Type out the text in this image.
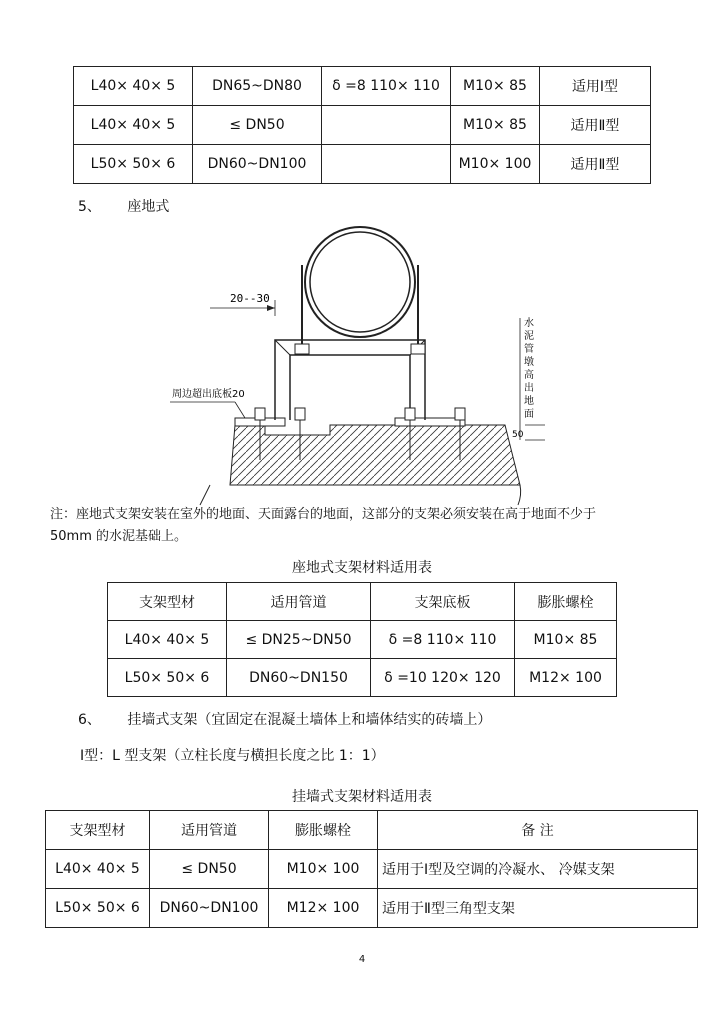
L40× 40× 5	DN65~DN80	δ =8 110× 110	M10× 85	适用Ⅰ型
L40× 40× 5	≤ DN50		M10× 85	适用Ⅱ型
L50× 50× 6	DN60~DN100		M10× 100	适用Ⅱ型
5、 座地式
20--30
周边超出底板20
水
泥
管
墩
高
出
地
面
50
注：座地式支架安装在室外的地面、天面露台的地面，这部分的支架必须安装在高于地面不少于
50mm 的水泥基础上。
座地式支架材料适用表
支架型材	适用管道	支架底板	膨胀螺栓
L40× 40× 5	≤ DN25~DN50	δ =8 110× 110	M10× 85
L50× 50× 6	DN60~DN150	δ =10 120× 120	M12× 100
6、 挂墙式支架（宜固定在混凝土墙体上和墙体结实的砖墙上）
Ⅰ型：L 型支架（立柱长度与横担长度之比 1：1）
挂墙式支架材料适用表
支架型材	适用管道	膨胀螺栓	备 注
L40× 40× 5	≤ DN50	M10× 100	适用于Ⅰ型及空调的冷凝水、 冷媒支架
L50× 50× 6	DN60~DN100	M12× 100	适用于Ⅱ型三角型支架
4
